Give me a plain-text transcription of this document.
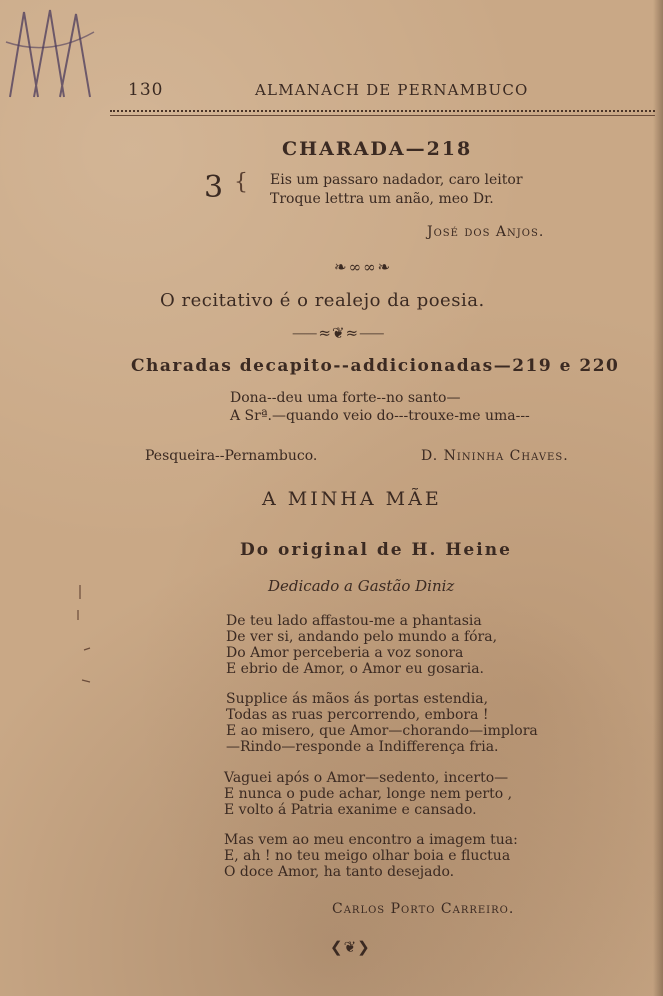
130	ALMANACH DE PERNAMBUCO
CHARADA—218
3 { Eis um passaro nadador, caro leitor
Troque lettra um anão, meo Dr.
José dos Anjos.
❧∞∞❧
O recitativo é o realejo da poesia.
⸺≈❦≈⸺
Charadas decapito--addicionadas—219 e 220
Dona--deu uma forte--no santo—
A Srª.—quando veio do---trouxe-me uma---
Pesqueira--Pernambuco.	D. Nininha Chaves.
A MINHA MÃE
Do original de H. Heine
Dedicado a Gastão Diniz
De teu lado affastou-me a phantasia
De ver si, andando pelo mundo a fóra,
Do Amor perceberia a voz sonora
E ebrio de Amor, o Amor eu gosaria.
Supplice ás mãos ás portas estendia,
Todas as ruas percorrendo, embora !
E ao misero, que Amor—chorando—implora
—Rindo—responde a Indifferença fria.
Vaguei após o Amor—sedento, incerto—
E nunca o pude achar, longe nem perto ,
E volto á Patria exanime e cansado.
Mas vem ao meu encontro a imagem tua:
E, ah ! no teu meigo olhar boia e fluctua
O doce Amor, ha tanto desejado.
Carlos Porto Carreiro.
❮❦❯
